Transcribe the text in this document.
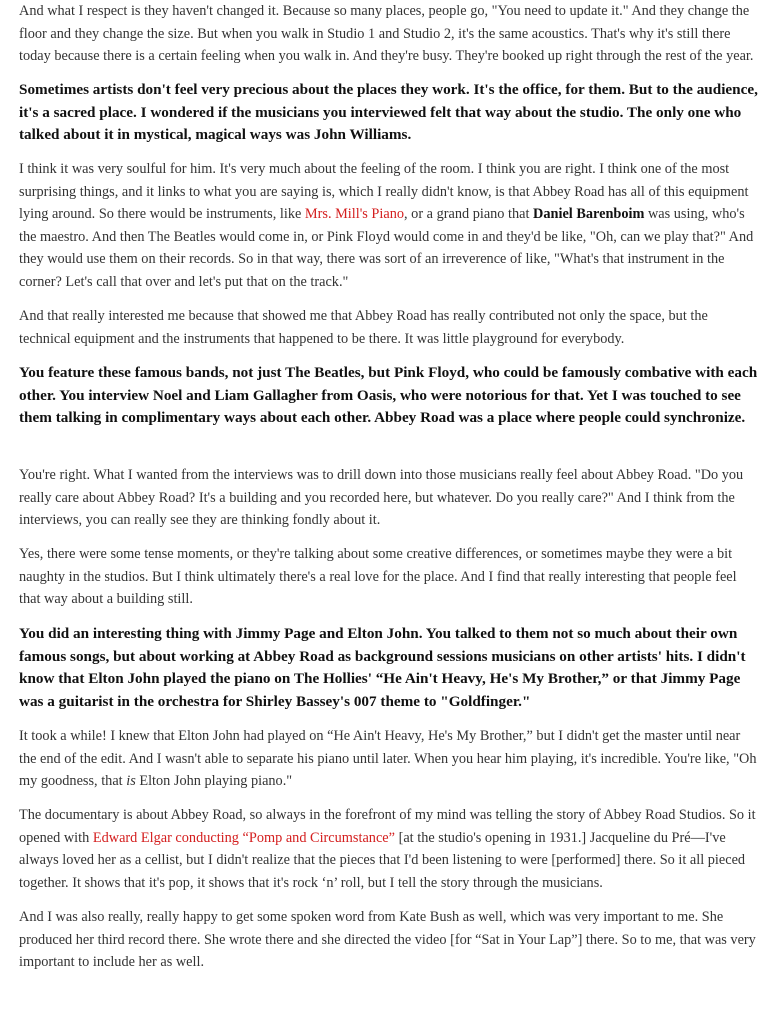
And what I respect is they haven't changed it. Because so many places, people go, "You need to update it." And they change the floor and they change the size. But when you walk in Studio 1 and Studio 2, it's the same acoustics. That's why it's still there today because there is a certain feeling when you walk in. And they're busy. They're booked up right through the rest of the year.

Sometimes artists don't feel very precious about the places they work. It's the office, for them. But to the audience, it's a sacred place. I wondered if the musicians you interviewed felt that way about the studio. The only one who talked about it in mystical, magical ways was John Williams.

I think it was very soulful for him. It's very much about the feeling of the room. I think you are right. I think one of the most surprising things, and it links to what you are saying is, which I really didn't know, is that Abbey Road has all of this equipment lying around. So there would be instruments, like Mrs. Mill's Piano, or a grand piano that Daniel Barenboim was using, who's the maestro. And then The Beatles would come in, or Pink Floyd would come in and they'd be like, "Oh, can we play that?" And they would use them on their records. So in that way, there was sort of an irreverence of like, "What's that instrument in the corner? Let's call that over and let's put that on the track."

And that really interested me because that showed me that Abbey Road has really contributed not only the space, but the technical equipment and the instruments that happened to be there. It was little playground for everybody.

You feature these famous bands, not just The Beatles, but Pink Floyd, who could be famously combative with each other. You interview Noel and Liam Gallagher from Oasis, who were notorious for that. Yet I was touched to see them talking in complimentary ways about each other. Abbey Road was a place where people could synchronize.

You're right. What I wanted from the interviews was to drill down into those musicians really feel about Abbey Road. "Do you really care about Abbey Road? It's a building and you recorded here, but whatever. Do you really care?" And I think from the interviews, you can really see they are thinking fondly about it.

Yes, there were some tense moments, or they're talking about some creative differences, or sometimes maybe they were a bit naughty in the studios. But I think ultimately there's a real love for the place. And I find that really interesting that people feel that way about a building still.

You did an interesting thing with Jimmy Page and Elton John. You talked to them not so much about their own famous songs, but about working at Abbey Road as background sessions musicians on other artists' hits. I didn't know that Elton John played the piano on The Hollies' “He Ain't Heavy, He's My Brother,” or that Jimmy Page was a guitarist in the orchestra for Shirley Bassey's 007 theme to "Goldfinger."

It took a while! I knew that Elton John had played on “He Ain't Heavy, He's My Brother,” but I didn't get the master until near the end of the edit. And I wasn't able to separate his piano until later. When you hear him playing, it's incredible. You're like, "Oh my goodness, that is Elton John playing piano."

The documentary is about Abbey Road, so always in the forefront of my mind was telling the story of Abbey Road Studios. So it opened with Edward Elgar conducting “Pomp and Circumstance” [at the studio's opening in 1931.] Jacqueline du Pré—I've always loved her as a cellist, but I didn't realize that the pieces that I'd been listening to were [performed] there. So it all pieced together. It shows that it's pop, it shows that it's rock ‘n’ roll, but I tell the story through the musicians.

And I was also really, really happy to get some spoken word from Kate Bush as well, which was very important to me. She produced her third record there. She wrote there and she directed the video [for “Sat in Your Lap”] there. So to me, that was very important to include her as well.
